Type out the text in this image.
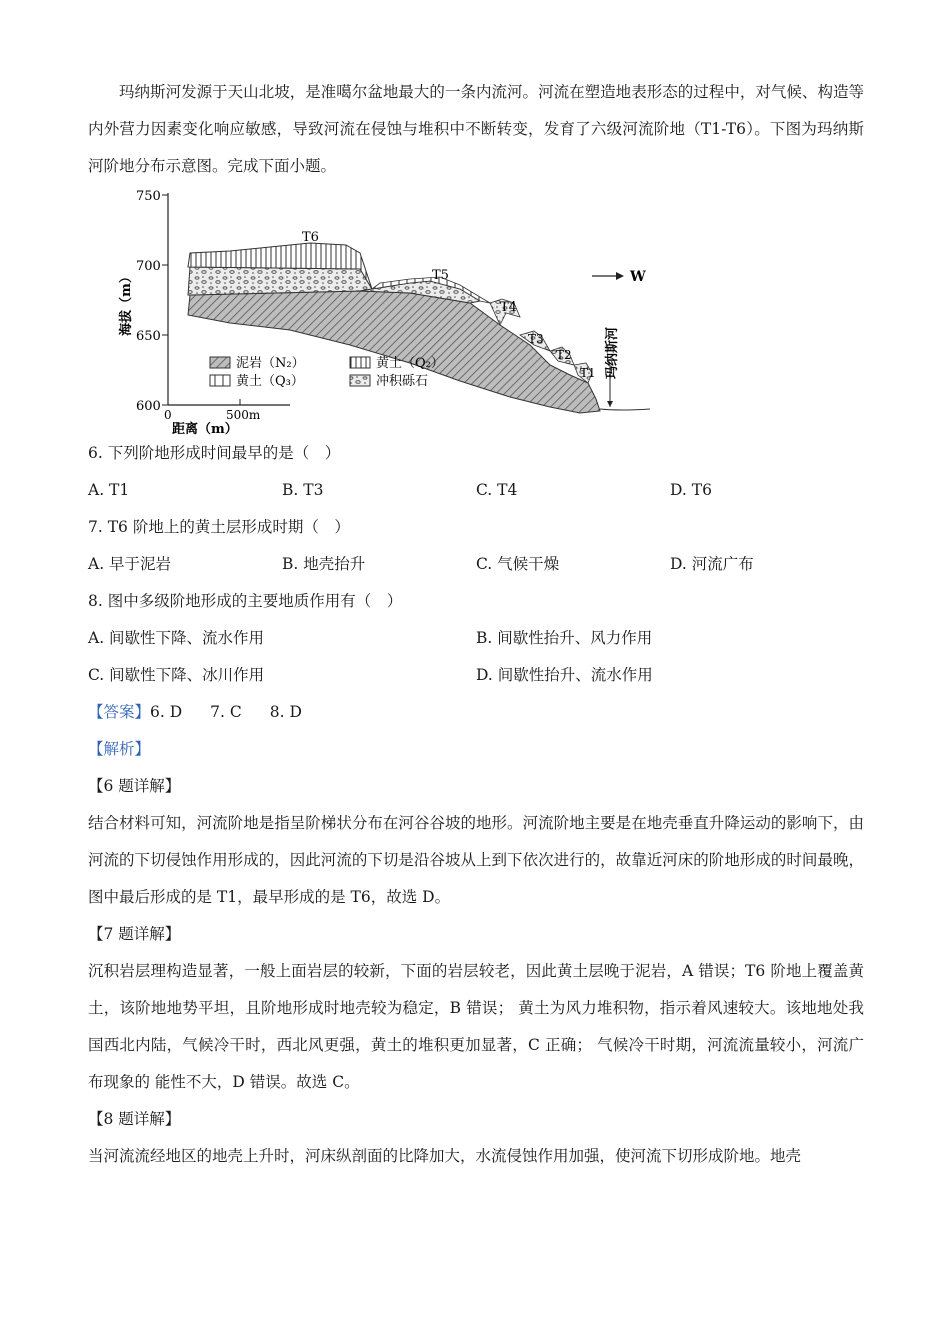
玛纳斯河发源于天山北坡，是准噶尔盆地最大的一条内流河。河流在塑造地表形态的过程中，对气候、构造等内外营力因素变化响应敏感，导致河流在侵蚀与堆积中不断转变，发育了六级河流阶地（T1-T6）。下图为玛纳斯河阶地分布示意图。完成下面小题。

750
700
650
600
海拔（m）
0	500m
距离（m）
玛纳斯河
T6
T5
T4
T3
T2
T1
W
泥岩（N₂）	黄土（Q₂）
黄土（Q₃）	冲积砾石
6. 下列阶地形成时间最早的是（　）
A. T1	B. T3	C. T4	D. T6
7. T6 阶地上的黄土层形成时期（　）
A. 早于泥岩	B. 地壳抬升	C. 气候干燥	D. 河流广布
8. 图中多级阶地形成的主要地质作用有（　）
A. 间歇性下降、流水作用	B. 间歇性抬升、风力作用
C. 间歇性下降、冰川作用	D. 间歇性抬升、流水作用
【答案】6. D 7. C 8. D
【解析】
【6 题详解】

结合材料可知，河流阶地是指呈阶梯状分布在河谷谷坡的地形。河流阶地主要是在地壳垂直升降运动的影响下，由河流的下切侵蚀作用形成的，因此河流的下切是沿谷坡从上到下依次进行的，故靠近河床的阶地形成的时间最晚，图中最后形成的是 T1，最早形成的是 T6，故选 D。

【7 题详解】

沉积岩层理构造显著，一般上面岩层的较新，下面的岩层较老，因此黄土层晚于泥岩，A 错误；T6 阶地上覆盖黄土，该阶地地势平坦，且阶地形成时地壳较为稳定，B 错误； 黄土为风力堆积物，指示着风速较大。该地地处我国西北内陆，气候冷干时，西北风更强，黄土的堆积更加显著，C 正确； 气候冷干时期，河流流量较小，河流广布现象的 能性不大，D 错误。故选 C。

【8 题详解】

当河流流经地区的地壳上升时，河床纵剖面的比降加大，水流侵蚀作用加强，使河流下切形成阶地。地壳
